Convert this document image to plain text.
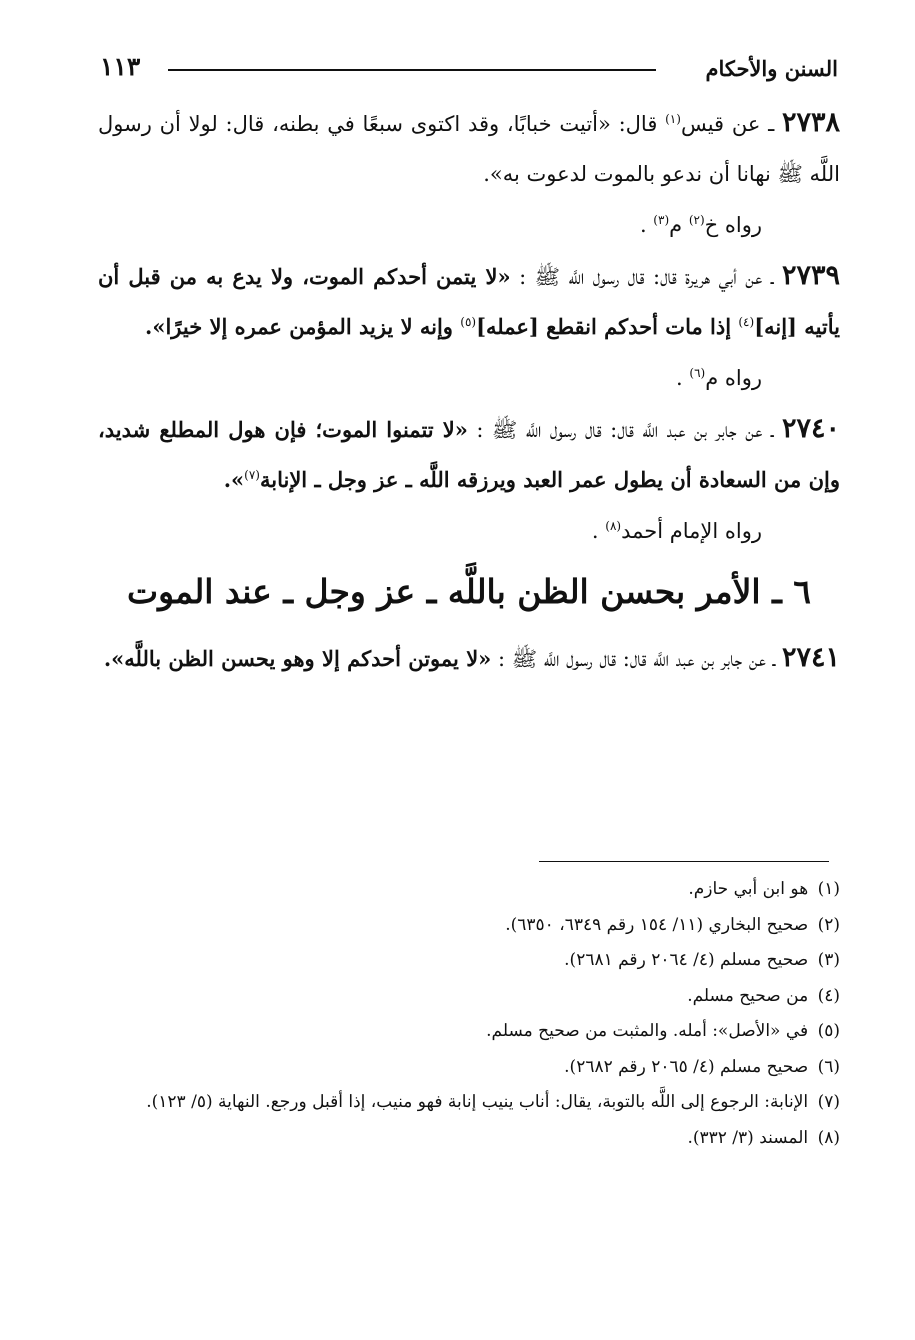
السنن والأحكام
١١٣

٢٧٣٨ ـ عن قيس$^{(١)}$ قال: «أتيت خبابًا، وقد اكتوى سبعًا في بطنه، قال: لولا أن رسول اللَّه ﷺ نهانا أن ندعو بالموت لدعوت به».

رواه خ$^{(٢)}$ م$^{(٣)}$ .

٢٧٣٩ ـ عن أبي هريرة قال: قال رسول اللَّه ﷺ : «لا يتمن أحدكم الموت، ولا يدع به من قبل أن يأتيه [إنه]$^{(٤)}$ إذا مات أحدكم انقطع [عمله]$^{(٥)}$ وإنه لا يزيد المؤمن عمره إلا خيرًا».

رواه م$^{(٦)}$ .

٢٧٤٠ ـ عن جابر بن عبد اللَّه قال: قال رسول اللَّه ﷺ : «لا تتمنوا الموت؛ فإن هول المطلع شديد، وإن من السعادة أن يطول عمر العبد ويرزقه اللَّه ـ عز وجل ـ الإنابة$^{(٧)}$».

رواه الإمام أحمد$^{(٨)}$ .

٦ ـ الأمر بحسن الظن باللَّه ـ عز وجل ـ عند الموت

٢٧٤١ ـ عن جابر بن عبد اللَّه قال: قال رسول اللَّه ﷺ : «لا يموتن أحدكم إلا وهو يحسن الظن باللَّه».

(١) هو ابن أبي حازم.

(٢) صحيح البخاري (١١/ ١٥٤ رقم ٦٣٤٩، ٦٣٥٠).

(٣) صحيح مسلم (٤/ ٢٠٦٤ رقم ٢٦٨١).

(٤) من صحيح مسلم.

(٥) في «الأصل»: أمله. والمثبت من صحيح مسلم.

(٦) صحيح مسلم (٤/ ٢٠٦٥ رقم ٢٦٨٢).

(٧) الإنابة: الرجوع إلى اللَّه بالتوبة، يقال: أناب ينيب إنابة فهو منيب، إذا أقبل ورجع. النهاية (٥/ ١٢٣).

(٨) المسند (٣/ ٣٣٢).
